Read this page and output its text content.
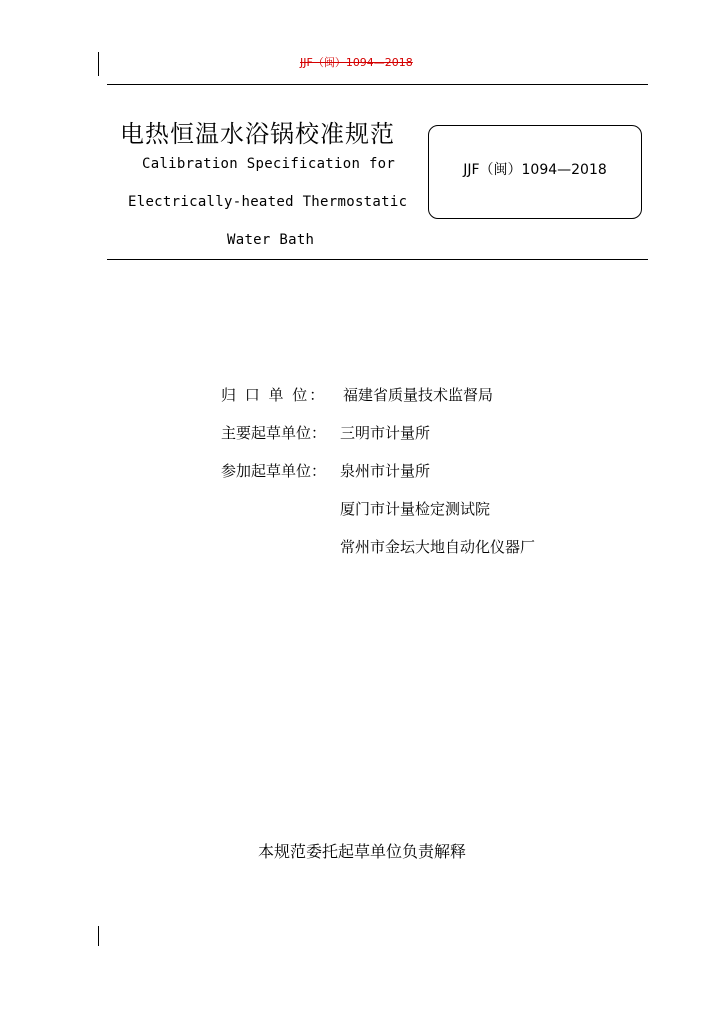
JJF（闽）1094—2018
电热恒温水浴锅校准规范
Calibration Specification for
Electrically-heated Thermostatic
Water Bath
JJF（闽）1094—2018
归 口 单 位： 福建省质量技术监督局
主要起草单位： 三明市计量所
参加起草单位： 泉州市计量所
厦门市计量检定测试院
常州市金坛大地自动化仪器厂
本规范委托起草单位负责解释
